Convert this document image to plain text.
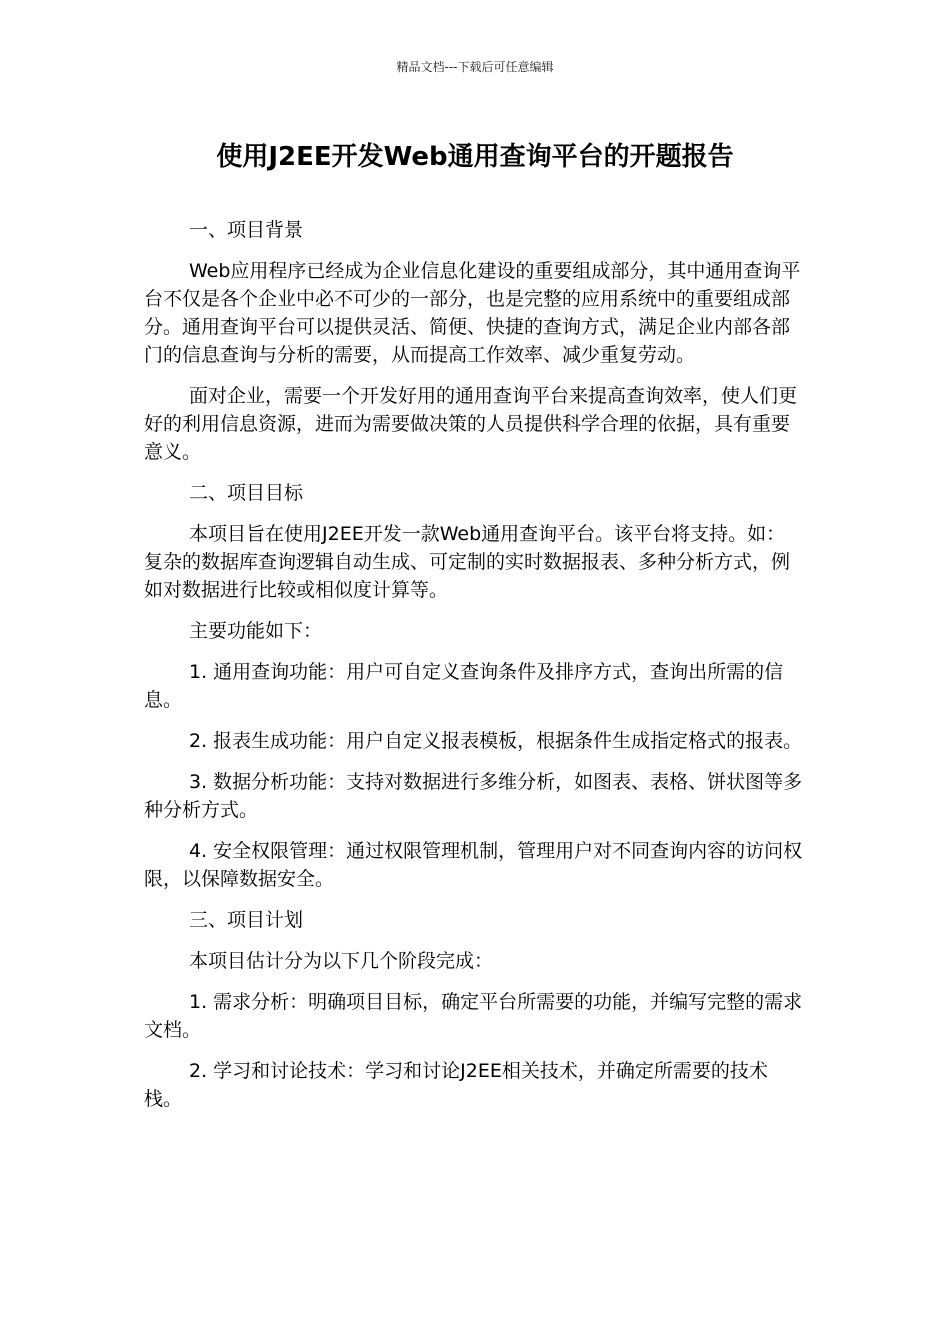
精品文档---下载后可任意编辑
使用J2EE开发Web通用查询平台的开题报告
一、项目背景

Web应用程序已经成为企业信息化建设的重要组成部分，其中通用查询平台不仅是各个企业中必不可少的一部分，也是完整的应用系统中的重要组成部分。通用查询平台可以提供灵活、简便、快捷的查询方式，满足企业内部各部门的信息查询与分析的需要，从而提高工作效率、减少重复劳动。

面对企业，需要一个开发好用的通用查询平台来提高查询效率，使人们更好的利用信息资源，进而为需要做决策的人员提供科学合理的依据，具有重要意义。

二、项目目标

本项目旨在使用J2EE开发一款Web通用查询平台。该平台将支持。如：复杂的数据库查询逻辑自动生成、可定制的实时数据报表、多种分析方式，例如对数据进行比较或相似度计算等。

主要功能如下：

1. 通用查询功能：用户可自定义查询条件及排序方式，查询出所需的信息。

2. 报表生成功能：用户自定义报表模板，根据条件生成指定格式的报表。

3. 数据分析功能：支持对数据进行多维分析，如图表、表格、饼状图等多种分析方式。

4. 安全权限管理：通过权限管理机制，管理用户对不同查询内容的访问权限，以保障数据安全。

三、项目计划

本项目估计分为以下几个阶段完成：

1. 需求分析：明确项目目标，确定平台所需要的功能，并编写完整的需求文档。

2. 学习和讨论技术：学习和讨论J2EE相关技术，并确定所需要的技术栈。
